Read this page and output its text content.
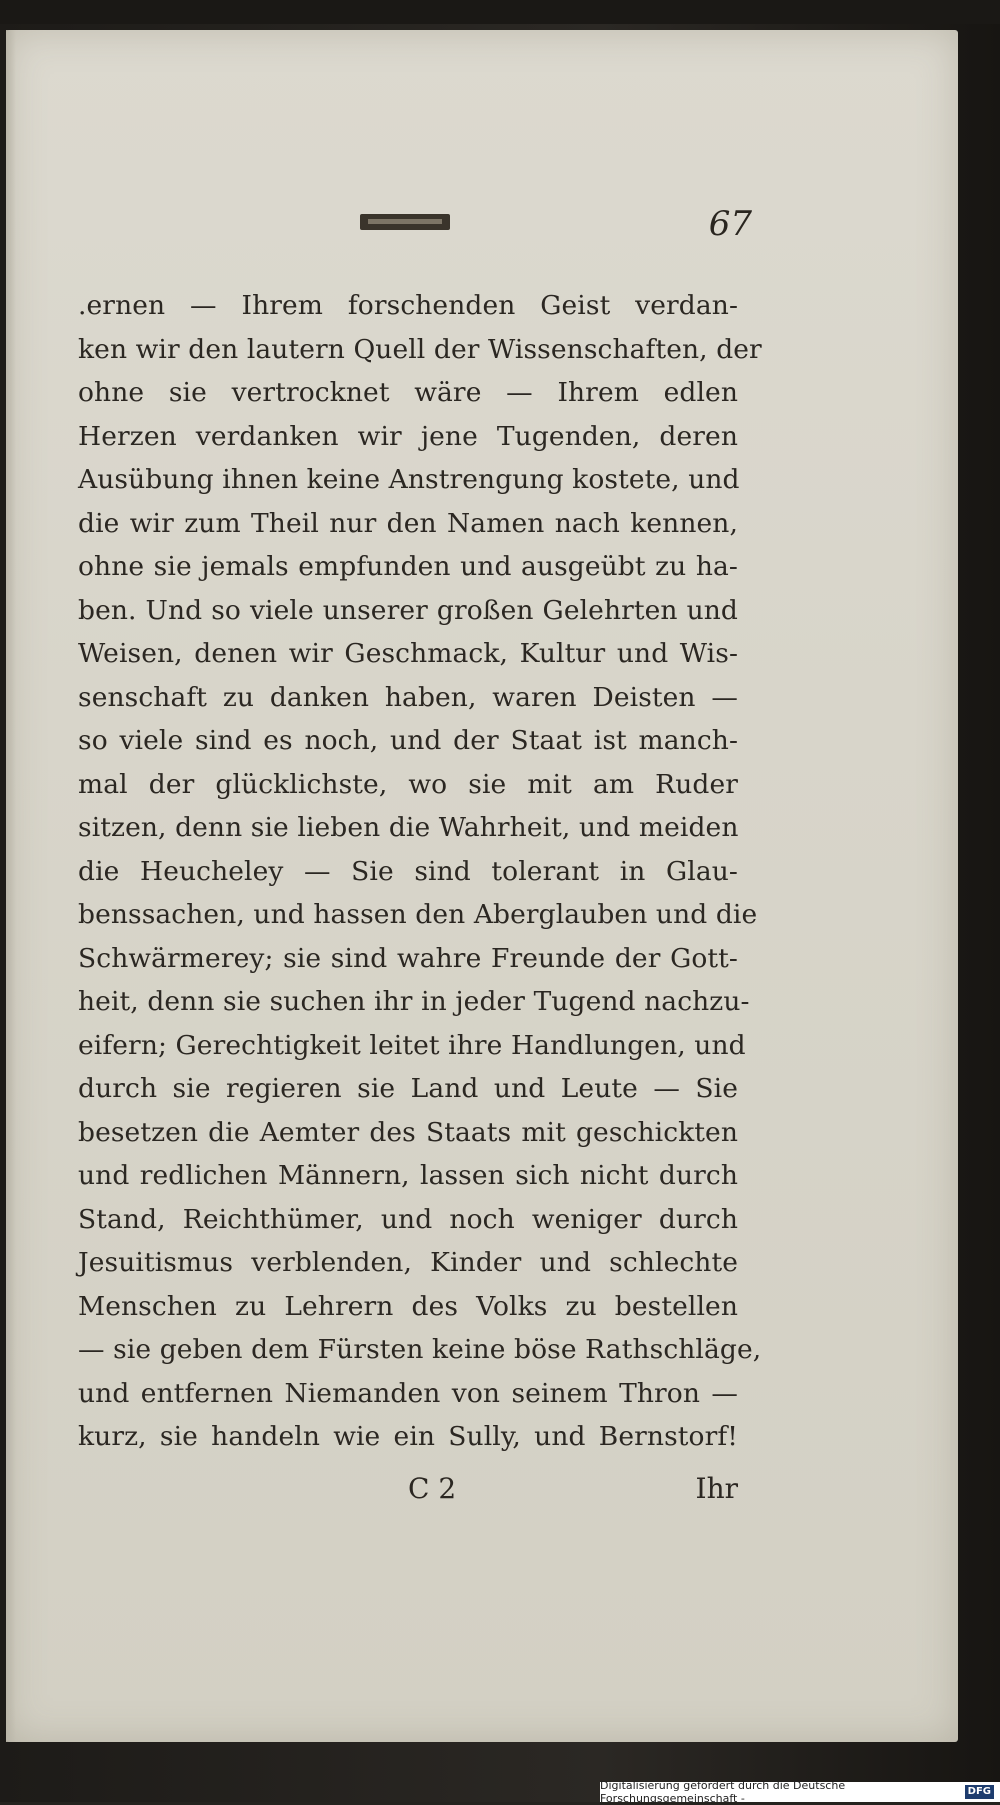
67
.ernen — Ihrem forschenden Geist verdan-
ken wir den lautern Quell der Wissenschaften, der
ohne sie vertrocknet wäre — Ihrem edlen
Herzen verdanken wir jene Tugenden, deren
Ausübung ihnen keine Anstrengung kostete, und
die wir zum Theil nur den Namen nach kennen,
ohne sie jemals empfunden und ausgeübt zu ha-
ben. Und so viele unserer großen Gelehrten und
Weisen, denen wir Geschmack, Kultur und Wis-
senschaft zu danken haben, waren Deisten —
so viele sind es noch, und der Staat ist manch-
mal der glücklichste, wo sie mit am Ruder
sitzen, denn sie lieben die Wahrheit, und meiden
die Heucheley — Sie sind tolerant in Glau-
benssachen, und hassen den Aberglauben und die
Schwärmerey; sie sind wahre Freunde der Gott-
heit, denn sie suchen ihr in jeder Tugend nachzu-
eifern; Gerechtigkeit leitet ihre Handlungen, und
durch sie regieren sie Land und Leute — Sie
besetzen die Aemter des Staats mit geschickten
und redlichen Männern, lassen sich nicht durch
Stand, Reichthümer, und noch weniger durch
Jesuitismus verblenden, Kinder und schlechte
Menschen zu Lehrern des Volks zu bestellen
— sie geben dem Fürsten keine böse Rathschläge,
und entfernen Niemanden von seinem Thron —
kurz, sie handeln wie ein Sully, und Bernstorf!
C 2	Ihr
Digitalisierung gefördert durch die Deutsche Forschungsgemeinschaft -
DFG
